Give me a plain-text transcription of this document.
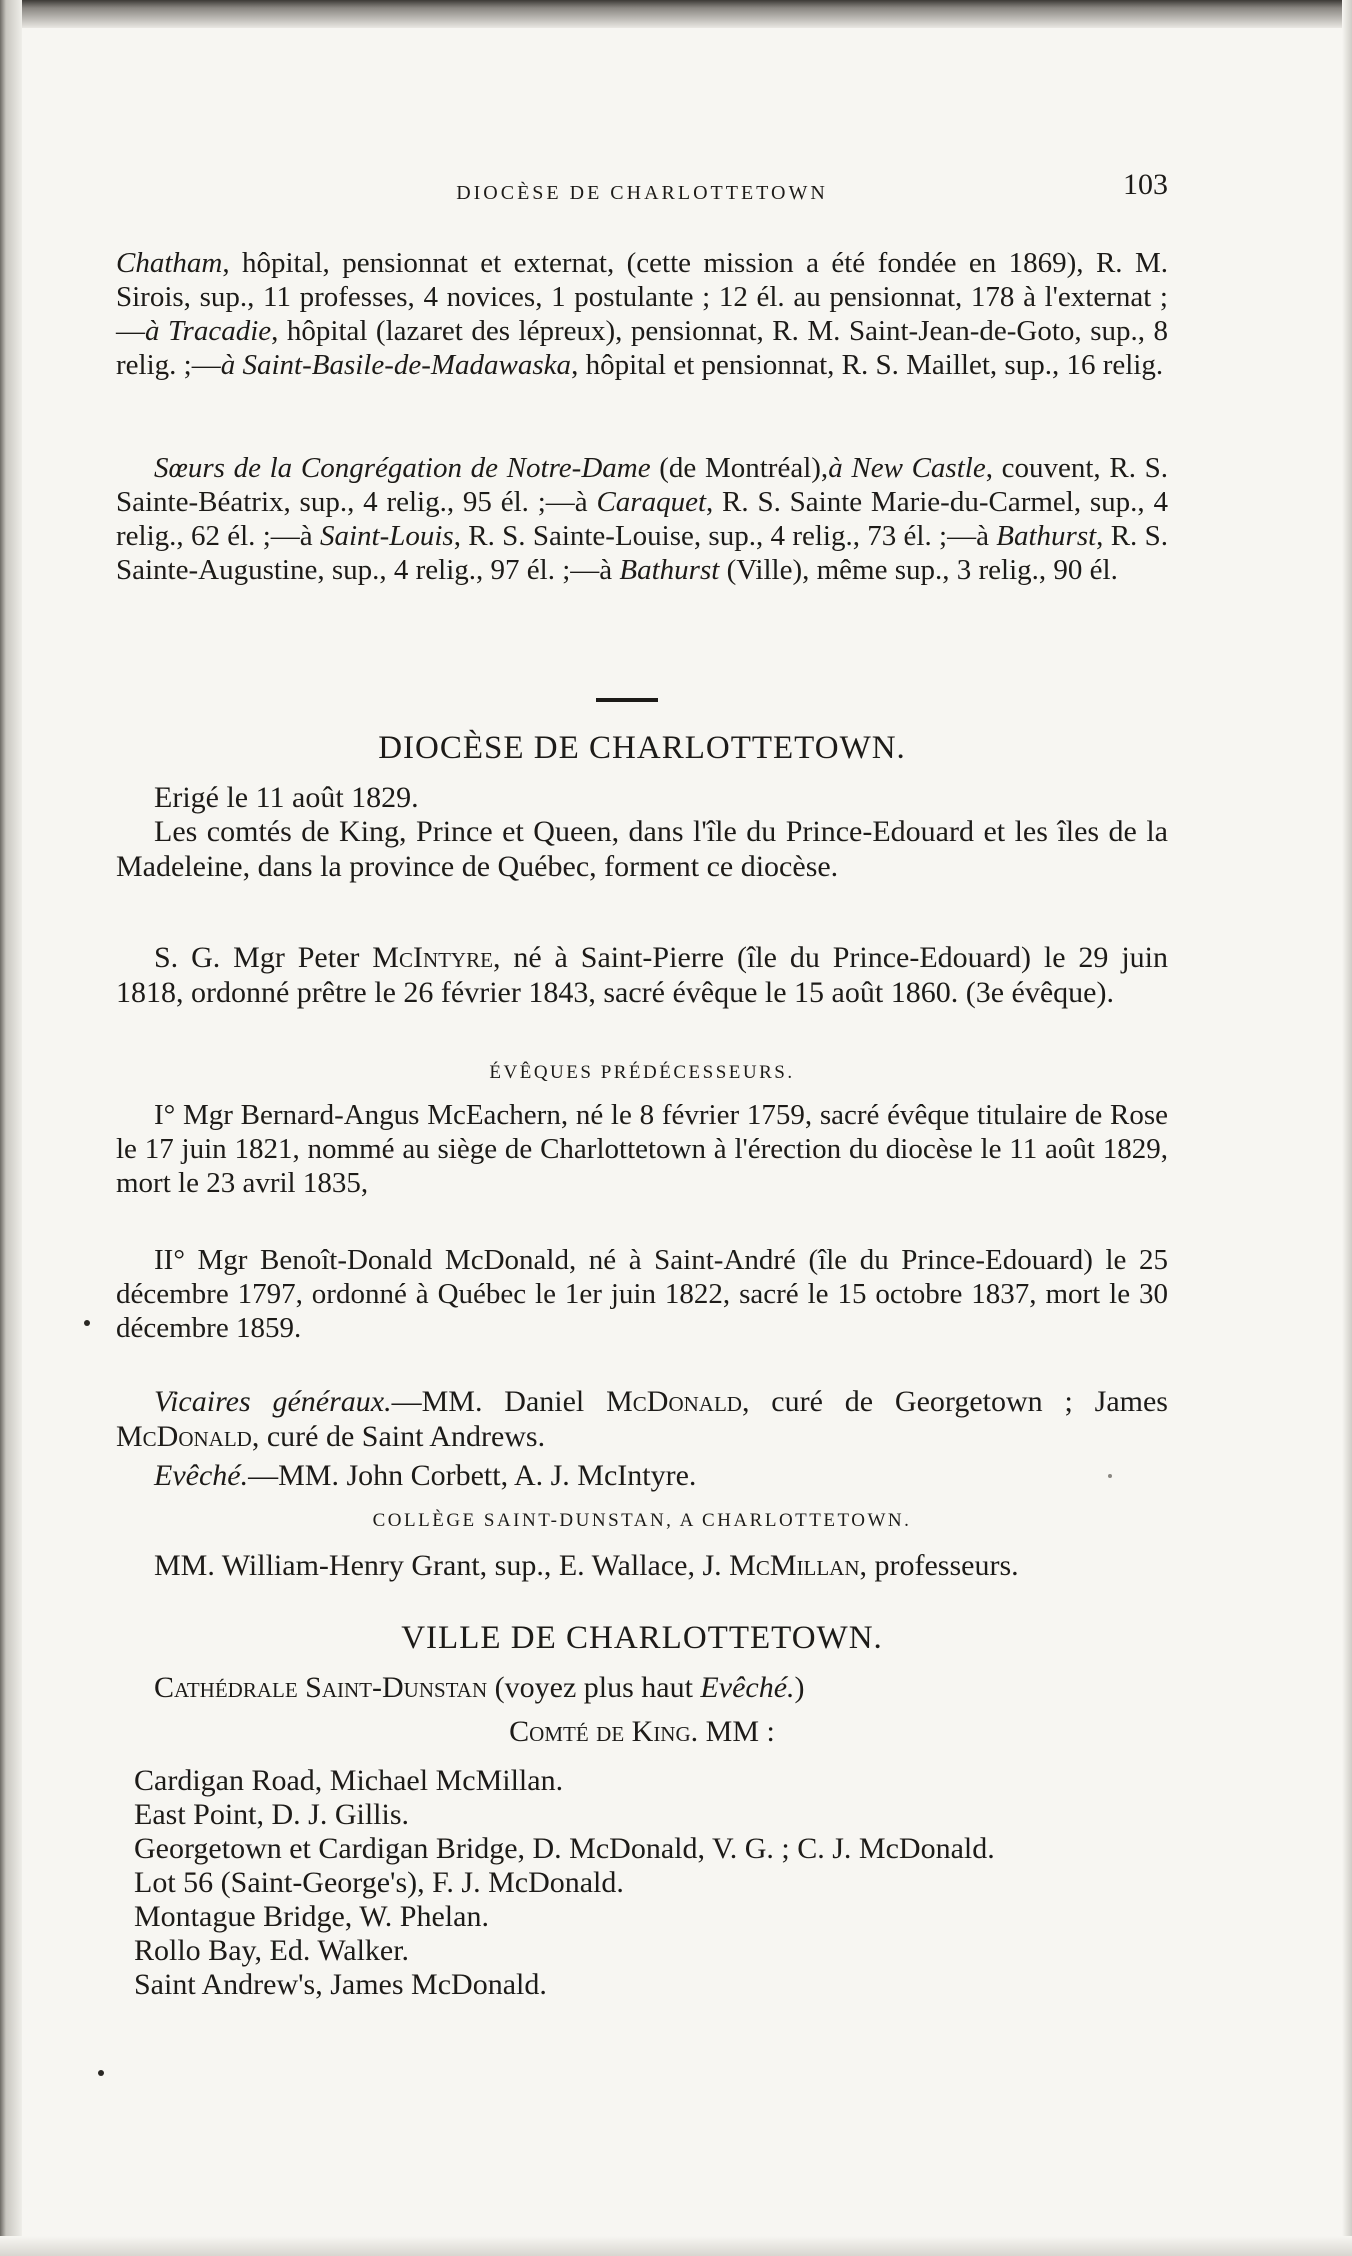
DIOCÈSE DE CHARLOTTETOWN	103

Chatham, hôpital, pensionnat et externat, (cette mission a été fondée en 1869), R. M. Sirois, sup., 11 professes, 4 novices, 1 postulante ; 12 él. au pensionnat, 178 à l'externat ;—à Tracadie, hôpital (lazaret des lépreux), pensionnat, R. M. Saint-Jean-de-Goto, sup., 8 relig. ;—à Saint-Basile-de-Madawaska, hôpital et pensionnat, R. S. Maillet, sup., 16 relig.

Sœurs de la Congrégation de Notre-Dame (de Montréal),à New Castle, couvent, R. S. Sainte-Béatrix, sup., 4 relig., 95 él. ;—à Caraquet, R. S. Sainte Marie-du-Carmel, sup., 4 relig., 62 él. ;—à Saint-Louis, R. S. Sainte-Louise, sup., 4 relig., 73 él. ;—à Bathurst, R. S. Sainte-Augustine, sup., 4 relig., 97 él. ;—à Bathurst (Ville), même sup., 3 relig., 90 él.

DIOCÈSE DE CHARLOTTETOWN.

Erigé le 11 août 1829.

Les comtés de King, Prince et Queen, dans l'île du Prince-Edouard et les îles de la Madeleine, dans la province de Québec, forment ce diocèse.

S. G. Mgr Peter McIntyre, né à Saint-Pierre (île du Prince-Edouard) le 29 juin 1818, ordonné prêtre le 26 février 1843, sacré évêque le 15 août 1860. (3e évêque).

ÉVÊQUES PRÉDÉCESSEURS.

I° Mgr Bernard-Angus McEachern, né le 8 février 1759, sacré évêque titulaire de Rose le 17 juin 1821, nommé au siège de Charlottetown à l'érection du diocèse le 11 août 1829, mort le 23 avril 1835,

II° Mgr Benoît-Donald McDonald, né à Saint-André (île du Prince-Edouard) le 25 décembre 1797, ordonné à Québec le 1er juin 1822, sacré le 15 octobre 1837, mort le 30 décembre 1859.

Vicaires généraux.—MM. Daniel McDonald, curé de Georgetown ; James McDonald, curé de Saint Andrews.

Evêché.—MM. John Corbett, A. J. McIntyre.

COLLÈGE SAINT-DUNSTAN, A CHARLOTTETOWN.

MM. William-Henry Grant, sup., E. Wallace, J. McMillan, professeurs.

VILLE DE CHARLOTTETOWN.

Cathédrale Saint-Dunstan (voyez plus haut Evêché.)

Comté de King. MM :

Cardigan Road, Michael McMillan.

East Point, D. J. Gillis.

Georgetown et Cardigan Bridge, D. McDonald, V. G. ; C. J. McDonald.

Lot 56 (Saint-George's), F. J. McDonald.

Montague Bridge, W. Phelan.

Rollo Bay, Ed. Walker.

Saint Andrew's, James McDonald.
